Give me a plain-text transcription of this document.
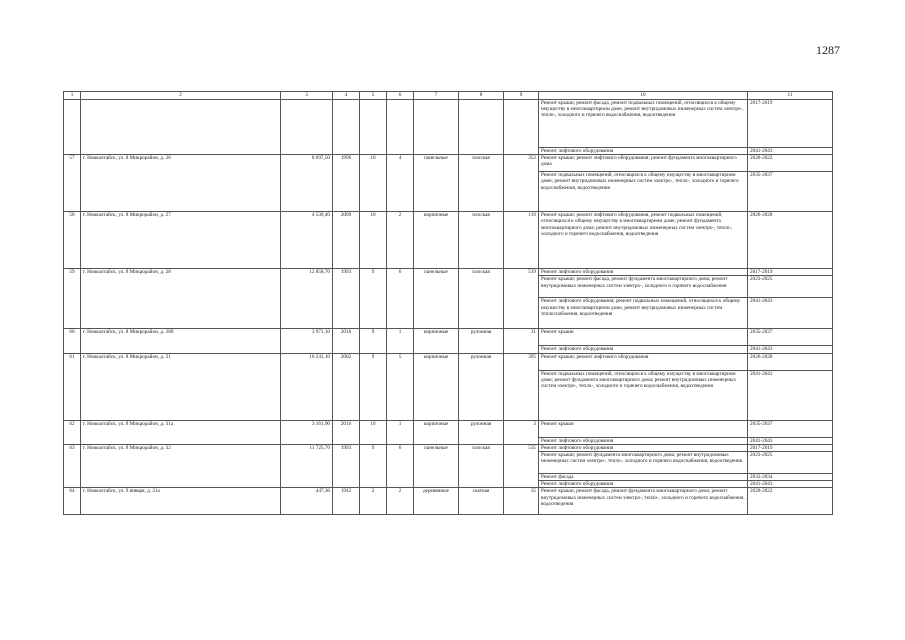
1287
1	2	3	4	5	6	7	8	9	10	11
									Ремонт крыши, ремонт фасада, ремонт подвальных помещений, относящихся к общему имуществу в многоквартирном доме, ремонт внутридомовых инженерных систем электро-, тепло-, холодного и горячего водоснабжения, водоотведения	2017-2019
									Ремонт лифтового оборудования	2041-2043
57	г. Новоалтайск, ул. 8 Микрорайон, д. 26	8 697,50	1996	10	4	панельные	плоская	352	Ремонт крыши; ремонт лифтового оборудования; ремонт фундамента многоквартирного дома	2020-2022
									Ремонт подвальных помещений, относящихся к общему имуществу в многоквартирном доме; ремонт внутридомовых инженерных систем электро-, тепло-, холодного и горячего водоснабжения, водоотведения	2035-2037
58	г. Новоалтайск, ул. 8 Микрорайон, д. 27	4 530,40	2009	10	2	кирпичные	плоская	116	Ремонт крыши; ремонт лифтового оборудования, ремонт подвальных помещений, относящихся к общему имуществу в многоквартирном доме; ремонт фундамента многоквартирного дома; ремонт внутридомовых инженерных систем электро-, тепло-, холодного и горячего водоснабжения, водоотведения	2026-2028
59	г. Новоалтайск, ул. 8 Микрорайон, д. 28	12 858,70	1993	9	6	панельные	плоская	519	Ремонт лифтового оборудования	2017-2019
									Ремонт крыши; ремонт фасада, ремонт фундамента многоквартирного дома; ремонт внутридомовых инженерных систем электро-, холодного и горячего водоснабжения	2023-2025
									Ремонт лифтового оборудования; ремонт подвальных помещений, относящихся к общему имуществу в многоквартирном доме, ремонт внутридомовых инженерных систем теплоснабжения, водоотведения	2041-2043
60	г. Новоалтайск, ул. 8 Микрорайон, д. 28б	3 971,10	2016	9	1	кирпичные	рулонная	31	Ремонт крыши	2035-2037
									Ремонт лифтового оборудования	2041-2043
61	г. Новоалтайск, ул. 8 Микрорайон, д. 31	10 241,10	2002	9	5	кирпичные	рулонная	395	Ремонт крыши; ремонт лифтового оборудования	2026-2028
									Ремонт подвальных помещений, относящихся к общему имуществу в многоквартирном доме; ремонт фундамента многоквартирного дома; ремонт внутридомовых инженерных систем электро-, тепло-, холодного и горячего водоснабжения, водоотведения	2041-2043
62	г. Новоалтайск, ул. 8 Микрорайон, д. 31а	3 161,90	2016	10	1	кирпичные	рулонная	3	Ремонт крыши	2035-2037
									Ремонт лифтового оборудования	2041-2043
63	г. Новоалтайск, ул. 8 Микрорайон, д. 32	11 725,70	1993	9	6	панельные	плоская	535	Ремонт лифтового оборудования	2017-2019
									Ремонт крыши; ремонт фундамента многоквартирного дома; ремонт внутридомовых инженерных систем электро-, тепло-, холодного и горячего водоснабжения, водоотведения	2023-2025
									Ремонт фасада	2032-2034
									Ремонт лифтового оборудования	2041-2043
64	г. Новоалтайск, ул. 9 января, д. 21а	447,30	1942	2	2	деревянные	скатная	35	Ремонт крыши, ремонт фасада, ремонт фундамента многоквартирного дома; ремонт внутридомовых инженерных систем электро-, тепло-, холодного и горячего водоснабжения, водоотведения	2020-2022
